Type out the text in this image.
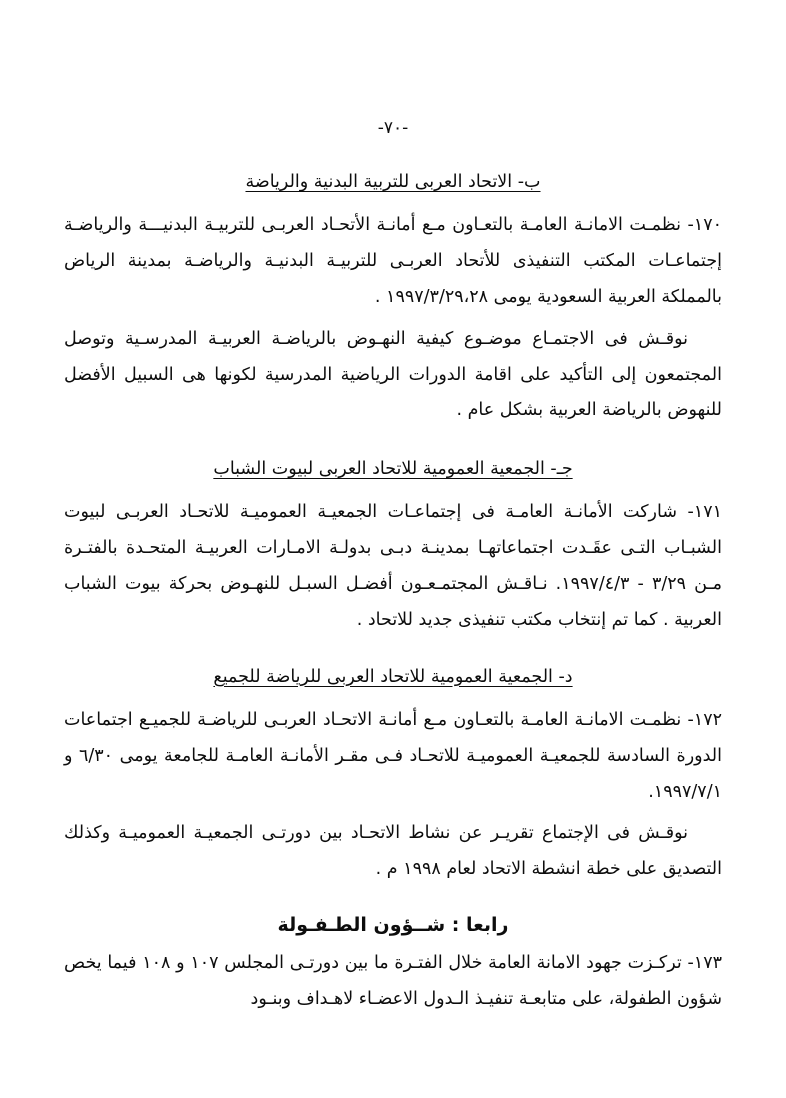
-٧٠-
ب- الاتحاد العربى للتربية البدنية والرياضة

١٧٠- نظمـت الامانـة العامـة بالتعـاون مـع أمانـة الأتحـاد العربـى للتربيـة البدنيـــة والرياضـة إجتماعـات المكتب التنفيذى للأتحاد العربـى للتربيـة البدنيـة والرياضـة بمدينة الرياض بالمملكة العربية السعودية يومى ١٩٩٧/٣/٢٩،٢٨ .

نوقـش فى الاجتمـاع موضـوع كيفية النهـوض بالرياضـة العربيـة المدرسـية وتوصل المجتمعون إلى التأكيد على اقامة الدورات الرياضية المدرسية لكونها هى السبيل الأفضل للنهوض بالرياضة العربية بشكل عام .

جـ- الجمعية العمومية للاتحاد العربى لبيوت الشباب

١٧١- شاركت الأمانـة العامـة فى إجتماعـات الجمعيـة العموميـة للاتحـاد العربـى لبيوت الشبـاب التـى عقَـدت اجتماعاتهـا بمدينـة دبـى بدولـة الامـارات العربيـة المتحـدة بالفتـرة مـن ٣/٢٩ - ١٩٩٧/٤/٣. نـاقـش المجتمـعـون أفضـل السبـل للنهـوض بحركة بيوت الشباب العربية . كما تم إنتخاب مكتب تنفيذى جديد للاتحاد .

د- الجمعية العمومية للاتحاد العربى للرياضة للجميع

١٧٢- نظمـت الامانـة العامـة بالتعـاون مـع أمانـة الاتحـاد العربـى للرياضـة للجميـع اجتماعات الدورة السادسة للجمعيـة العموميـة للاتحـاد فـى مقـر الأمانـة العامـة للجامعة يومى ٦/٣٠ و ١٩٩٧/٧/١.

نوقـش فى الإجتماع تقريـر عن نشاط الاتحـاد بين دورتـى الجمعيـة العموميـة وكذلك التصديق على خطة انشطة الاتحاد لعام ١٩٩٨ م .

رابعا : شــؤون الطـفـولة

١٧٣- تركـزت جهود الامانة العامة خلال الفتـرة ما بين دورتـى المجلس ١٠٧ و ١٠٨ فيما يخص شؤون الطفولة، على متابعـة تنفيـذ الـدول الاعضـاء لاهـداف وبنـود
